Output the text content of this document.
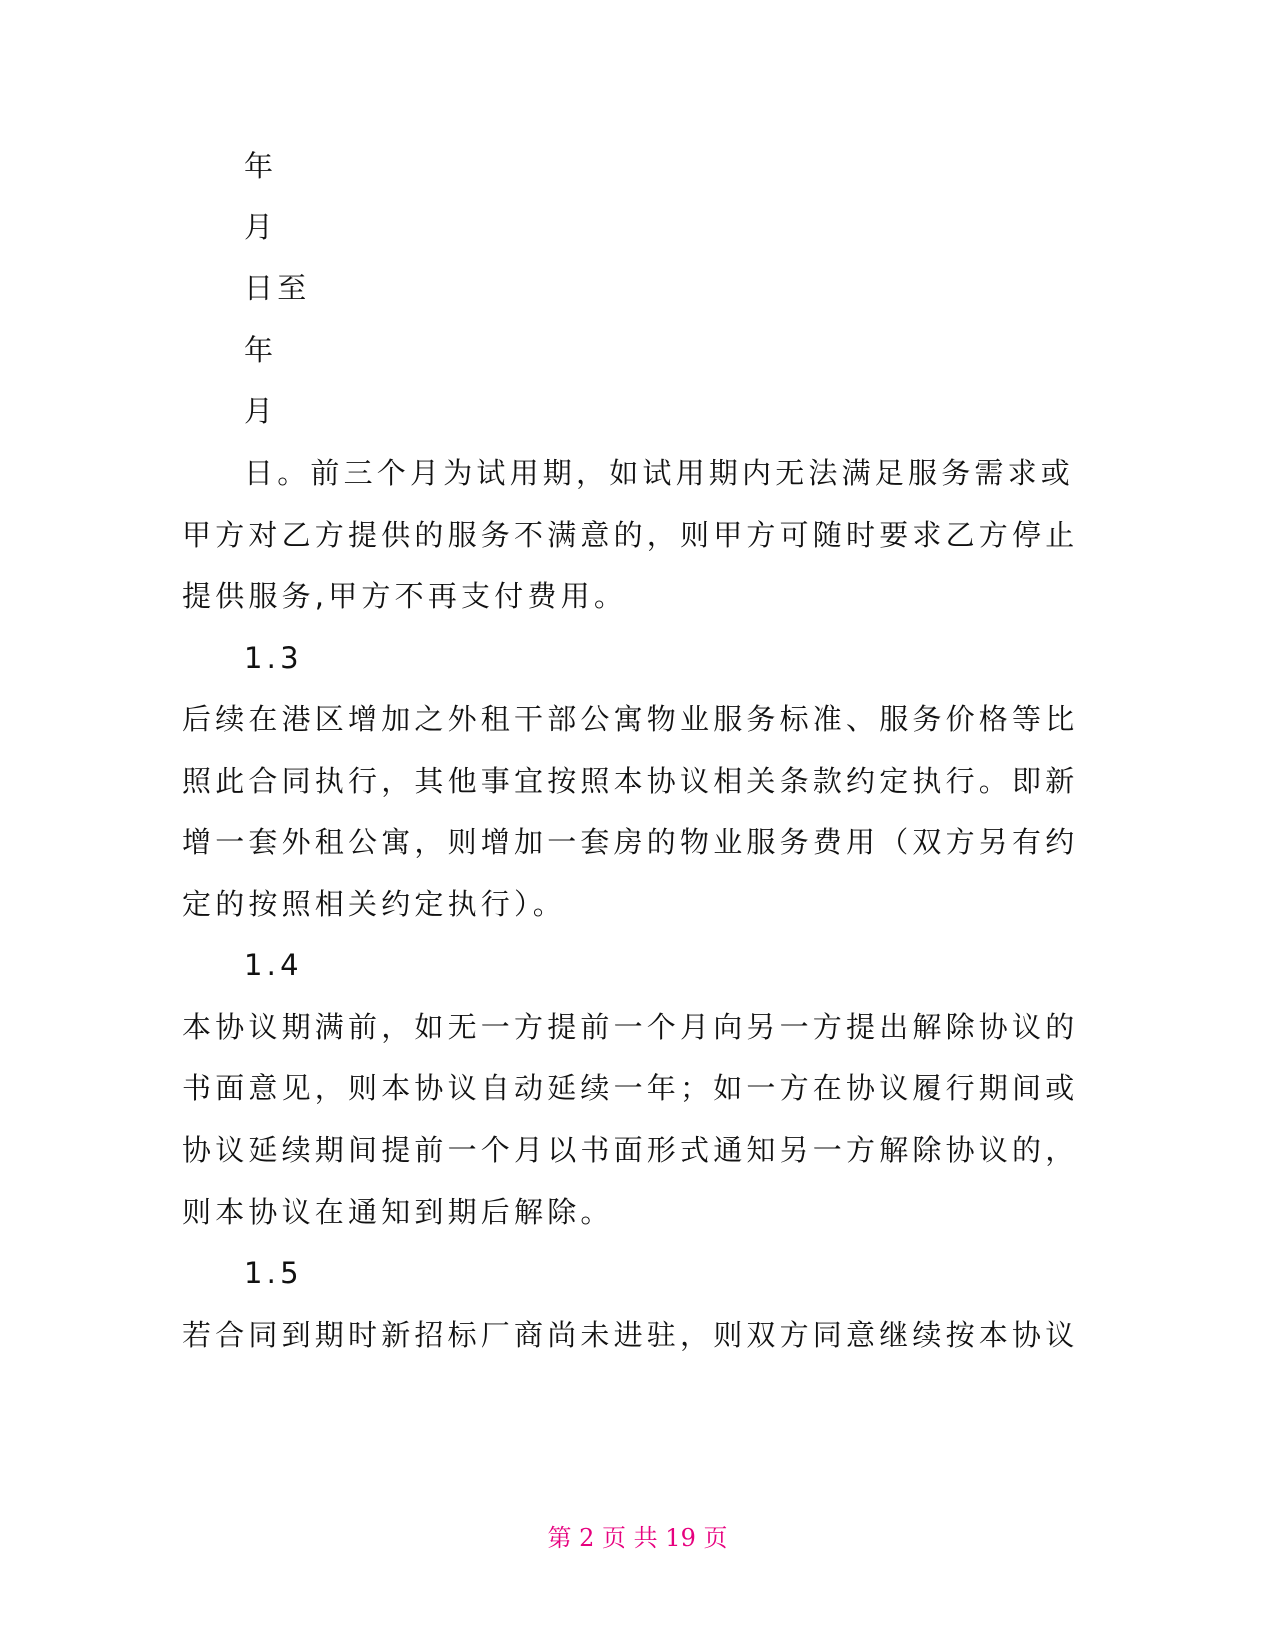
年
月
日至
年
月
日。前三个月为试用期，如试用期内无法满足服务需求或
甲方对乙方提供的服务不满意的，则甲方可随时要求乙方停止
提供服务,甲方不再支付费用。
1.3
后续在港区增加之外租干部公寓物业服务标准、服务价格等比
照此合同执行，其他事宜按照本协议相关条款约定执行。即新
增一套外租公寓，则增加一套房的物业服务费用（双方另有约
定的按照相关约定执行）。
1.4
本协议期满前，如无一方提前一个月向另一方提出解除协议的
书面意见，则本协议自动延续一年；如一方在协议履行期间或
协议延续期间提前一个月以书面形式通知另一方解除协议的，
则本协议在通知到期后解除。
1.5
若合同到期时新招标厂商尚未进驻，则双方同意继续按本协议
第 2 页 共 19 页
